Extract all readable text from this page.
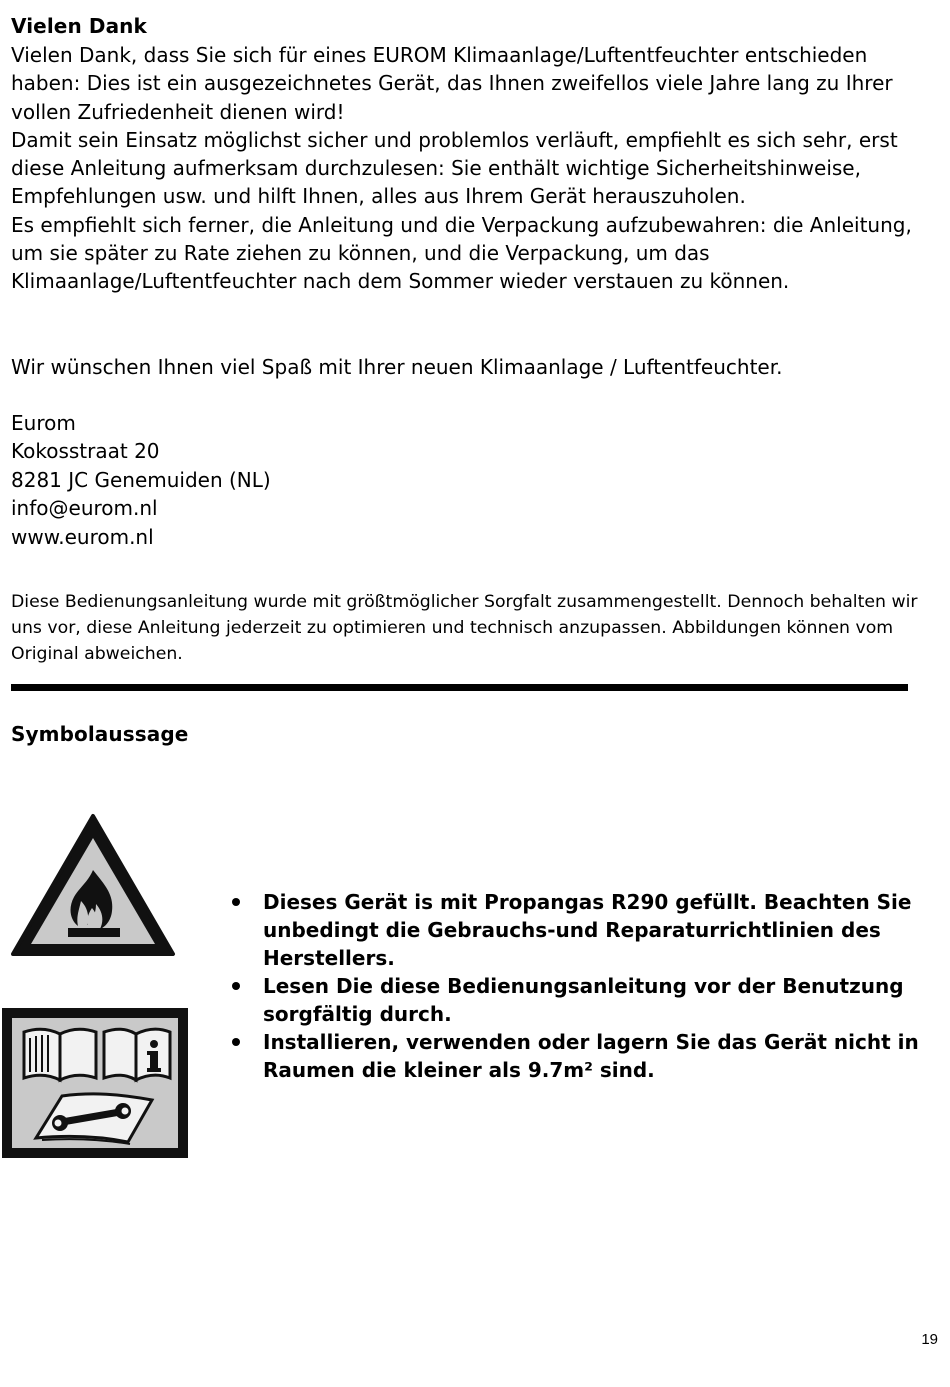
Vielen Dank

Vielen Dank, dass Sie sich für eines EUROM Klimaanlage/Luftentfeuchter entschieden haben: Dies ist ein ausgezeichnetes Gerät, das Ihnen zweifellos viele Jahre lang zu Ihrer vollen Zufriedenheit dienen wird!

Damit sein Einsatz möglichst sicher und problemlos verläuft, empfiehlt es sich sehr, erst diese Anleitung aufmerksam durchzulesen: Sie enthält wichtige Sicherheitshinweise, Empfehlungen usw. und hilft Ihnen, alles aus Ihrem Gerät herauszuholen.

Es empfiehlt sich ferner, die Anleitung und die Verpackung aufzubewahren: die Anleitung, um sie später zu Rate ziehen zu können, und die Verpackung, um das Klimaanlage/Luftentfeuchter nach dem Sommer wieder verstauen zu können.

Wir wünschen Ihnen viel Spaß mit Ihrer neuen Klimaanlage / Luftentfeuchter.

Eurom
Kokosstraat 20
8281 JC Genemuiden (NL)
info@eurom.nl
www.eurom.nl

Diese Bedienungsanleitung wurde mit größtmöglicher Sorgfalt zusammengestellt. Dennoch behalten wir uns vor, diese Anleitung jederzeit zu optimieren und technisch anzupassen. Abbildungen können vom Original abweichen.

Symbolaussage
Dieses Gerät is mit Propangas R290 gefüllt. Beachten Sie unbedingt die Gebrauchs-und Reparaturrichtlinien des Herstellers.
Lesen Die diese Bedienungsanleitung vor der Benutzung sorgfältig durch.
Installieren, verwenden oder lagern Sie das Gerät nicht in Raumen die kleiner als 9.7m² sind.

19
